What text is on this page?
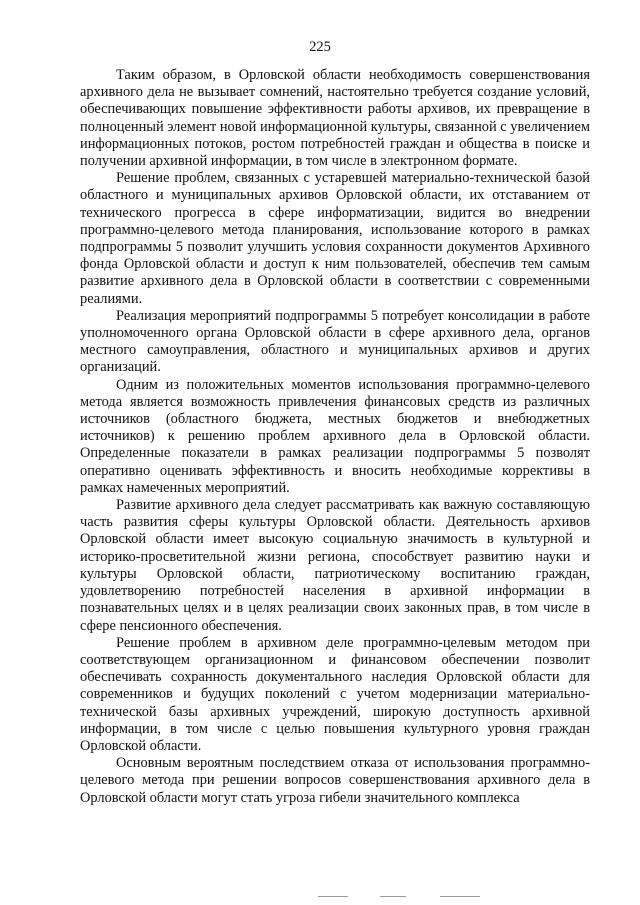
225

Таким образом, в Орловской области необходимость совершенствования архивного дела не вызывает сомнений, настоятельно требуется создание условий, обеспечивающих повышение эффективности работы архивов, их превращение в полноценный элемент новой информационной культуры, связанной с увеличением информационных потоков, ростом потребностей граждан и общества в поиске и получении архивной информации, в том числе в электронном формате.

Решение проблем, связанных с устаревшей материально-технической базой областного и муниципальных архивов Орловской области, их отставанием от технического прогресса в сфере информатизации, видится во внедрении программно-целевого метода планирования, использование которого в рамках подпрограммы 5 позволит улучшить условия сохранности документов Архивного фонда Орловской области и доступ к ним пользователей, обеспечив тем самым развитие архивного дела в Орловской области в соответствии с современными реалиями.

Реализация мероприятий подпрограммы 5 потребует консолидации в работе уполномоченного органа Орловской области в сфере архивного дела, органов местного самоуправления, областного и муниципальных архивов и других организаций.

Одним из положительных моментов использования программно-целевого метода является возможность привлечения финансовых средств из различных источников (областного бюджета, местных бюджетов и внебюджетных источников) к решению проблем архивного дела в Орловской области. Определенные показатели в рамках реализации подпрограммы 5 позволят оперативно оценивать эффективность и вносить необходимые коррективы в рамках намеченных мероприятий.

Развитие архивного дела следует рассматривать как важную составляющую часть развития сферы культуры Орловской области. Деятельность архивов Орловской области имеет высокую социальную значимость в культурной и историко-просветительной жизни региона, способствует развитию науки и культуры Орловской области, патриотическому воспитанию граждан, удовлетворению потребностей населения в архивной информации в познавательных целях и в целях реализации своих законных прав, в том числе в сфере пенсионного обеспечения.

Решение проблем в архивном деле программно-целевым методом при соответствующем организационном и финансовом обеспечении позволит обеспечивать сохранность документального наследия Орловской области для современников и будущих поколений с учетом модернизации материально-технической базы архивных учреждений, широкую доступность архивной информации, в том числе с целью повышения культурного уровня граждан Орловской области.

Основным вероятным последствием отказа от использования программно-целевого метода при решении вопросов совершенствования архивного дела в Орловской области могут стать угроза гибели значительного комплекса
